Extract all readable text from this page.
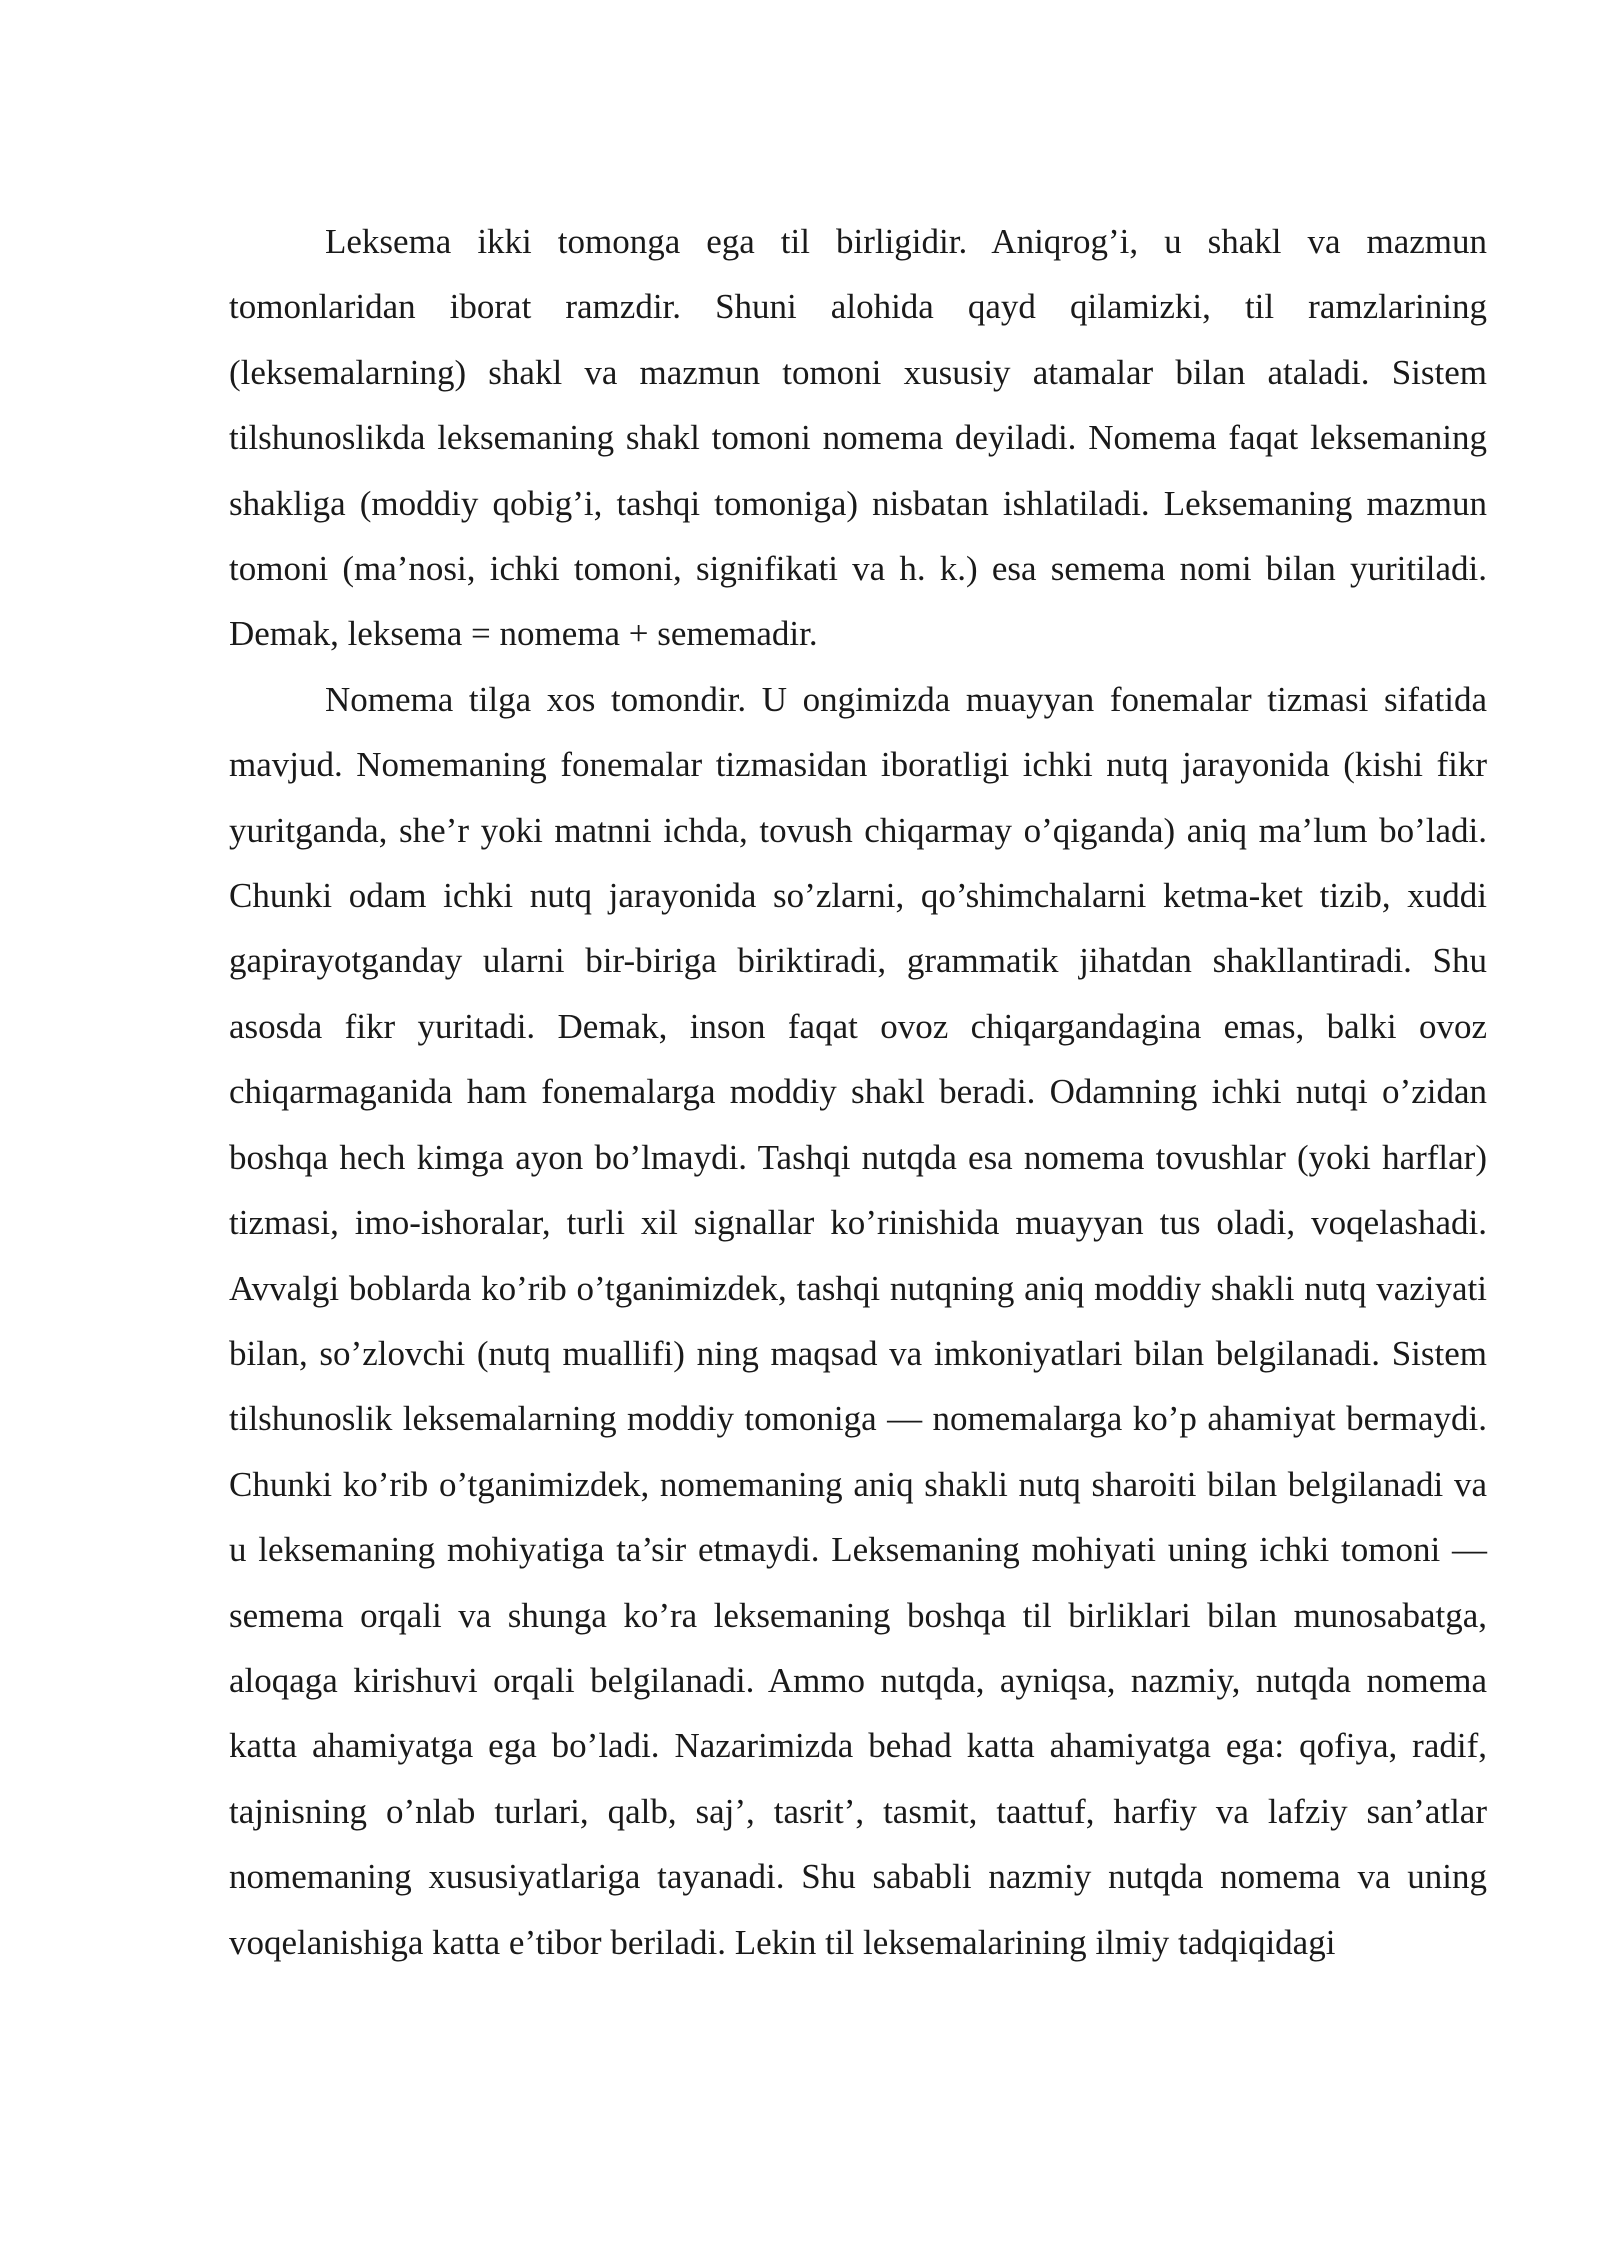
Leksema ikki tomonga ega til birligidir. Aniqrog’i, u shakl va mazmun tomonlaridan iborat ramzdir. Shuni alohida qayd qilamizki, til ramzlarining (leksemalarning) shakl va mazmun tomoni xususiy atamalar bilan ataladi. Sistem tilshunoslikda leksemaning shakl tomoni nomema deyiladi. Nomema faqat leksemaning shakliga (moddiy qobig’i, tashqi tomoniga) nisbatan ishlatiladi. Leksemaning mazmun tomoni (ma’nosi, ichki tomoni, signifikati va h. k.) esa semema nomi bilan yuritiladi. Demak, leksema = nomema + sememadir.

Nomema tilga xos tomondir. U ongimizda muayyan fonemalar tizmasi sifatida mavjud. Nomemaning fonemalar tizmasidan iboratligi ichki nutq jarayonida (kishi fikr yuritganda, she’r yoki matnni ichda, tovush chiqarmay o’qiganda) aniq ma’lum bo’ladi. Chunki odam ichki nutq jarayonida so’zlarni, qo’shimchalarni ketma-ket tizib, xuddi gapirayotganday ularni bir-biriga biriktiradi, grammatik jihatdan shakllantiradi. Shu asosda fikr yuritadi. Demak, inson faqat ovoz chiqargandagina emas, balki ovoz chiqarmaganida ham fonemalarga moddiy shakl beradi. Odamning ichki nutqi o’zidan boshqa hech kimga ayon bo’lmaydi. Tashqi nutqda esa nomema tovushlar (yoki harflar) tizmasi, imo-ishoralar, turli xil signallar ko’rinishida muayyan tus oladi, voqelashadi. Avvalgi boblarda ko’rib o’tganimizdek, tashqi nutqning aniq moddiy shakli nutq vaziyati bilan, so’zlovchi (nutq muallifi) ning maqsad va imkoniyatlari bilan belgilanadi. Sistem tilshunoslik leksemalarning moddiy tomoniga — nomemalarga ko’p ahamiyat bermaydi. Chunki ko’rib o’tganimizdek, nomemaning aniq shakli nutq sharoiti bilan belgilanadi va u leksemaning mohiyatiga ta’sir etmaydi. Leksemaning mohiyati uning ichki tomoni — semema orqali va shunga ko’ra leksemaning boshqa til birliklari bilan munosabatga, aloqaga kirishuvi orqali belgilanadi. Ammo nutqda, ayniqsa, nazmiy, nutqda nomema katta ahamiyatga ega bo’ladi. Nazarimizda behad katta ahamiyatga ega: qofiya, radif, tajnisning o’nlab turlari, qalb, saj’, tasrit’, tasmit, taattuf, harfiy va lafziy san’atlar nomemaning xususiyatlariga tayanadi. Shu sababli nazmiy nutqda nomema va uning voqelanishiga katta e’tibor beriladi. Lekin til leksemalarining ilmiy tadqiqidagi
